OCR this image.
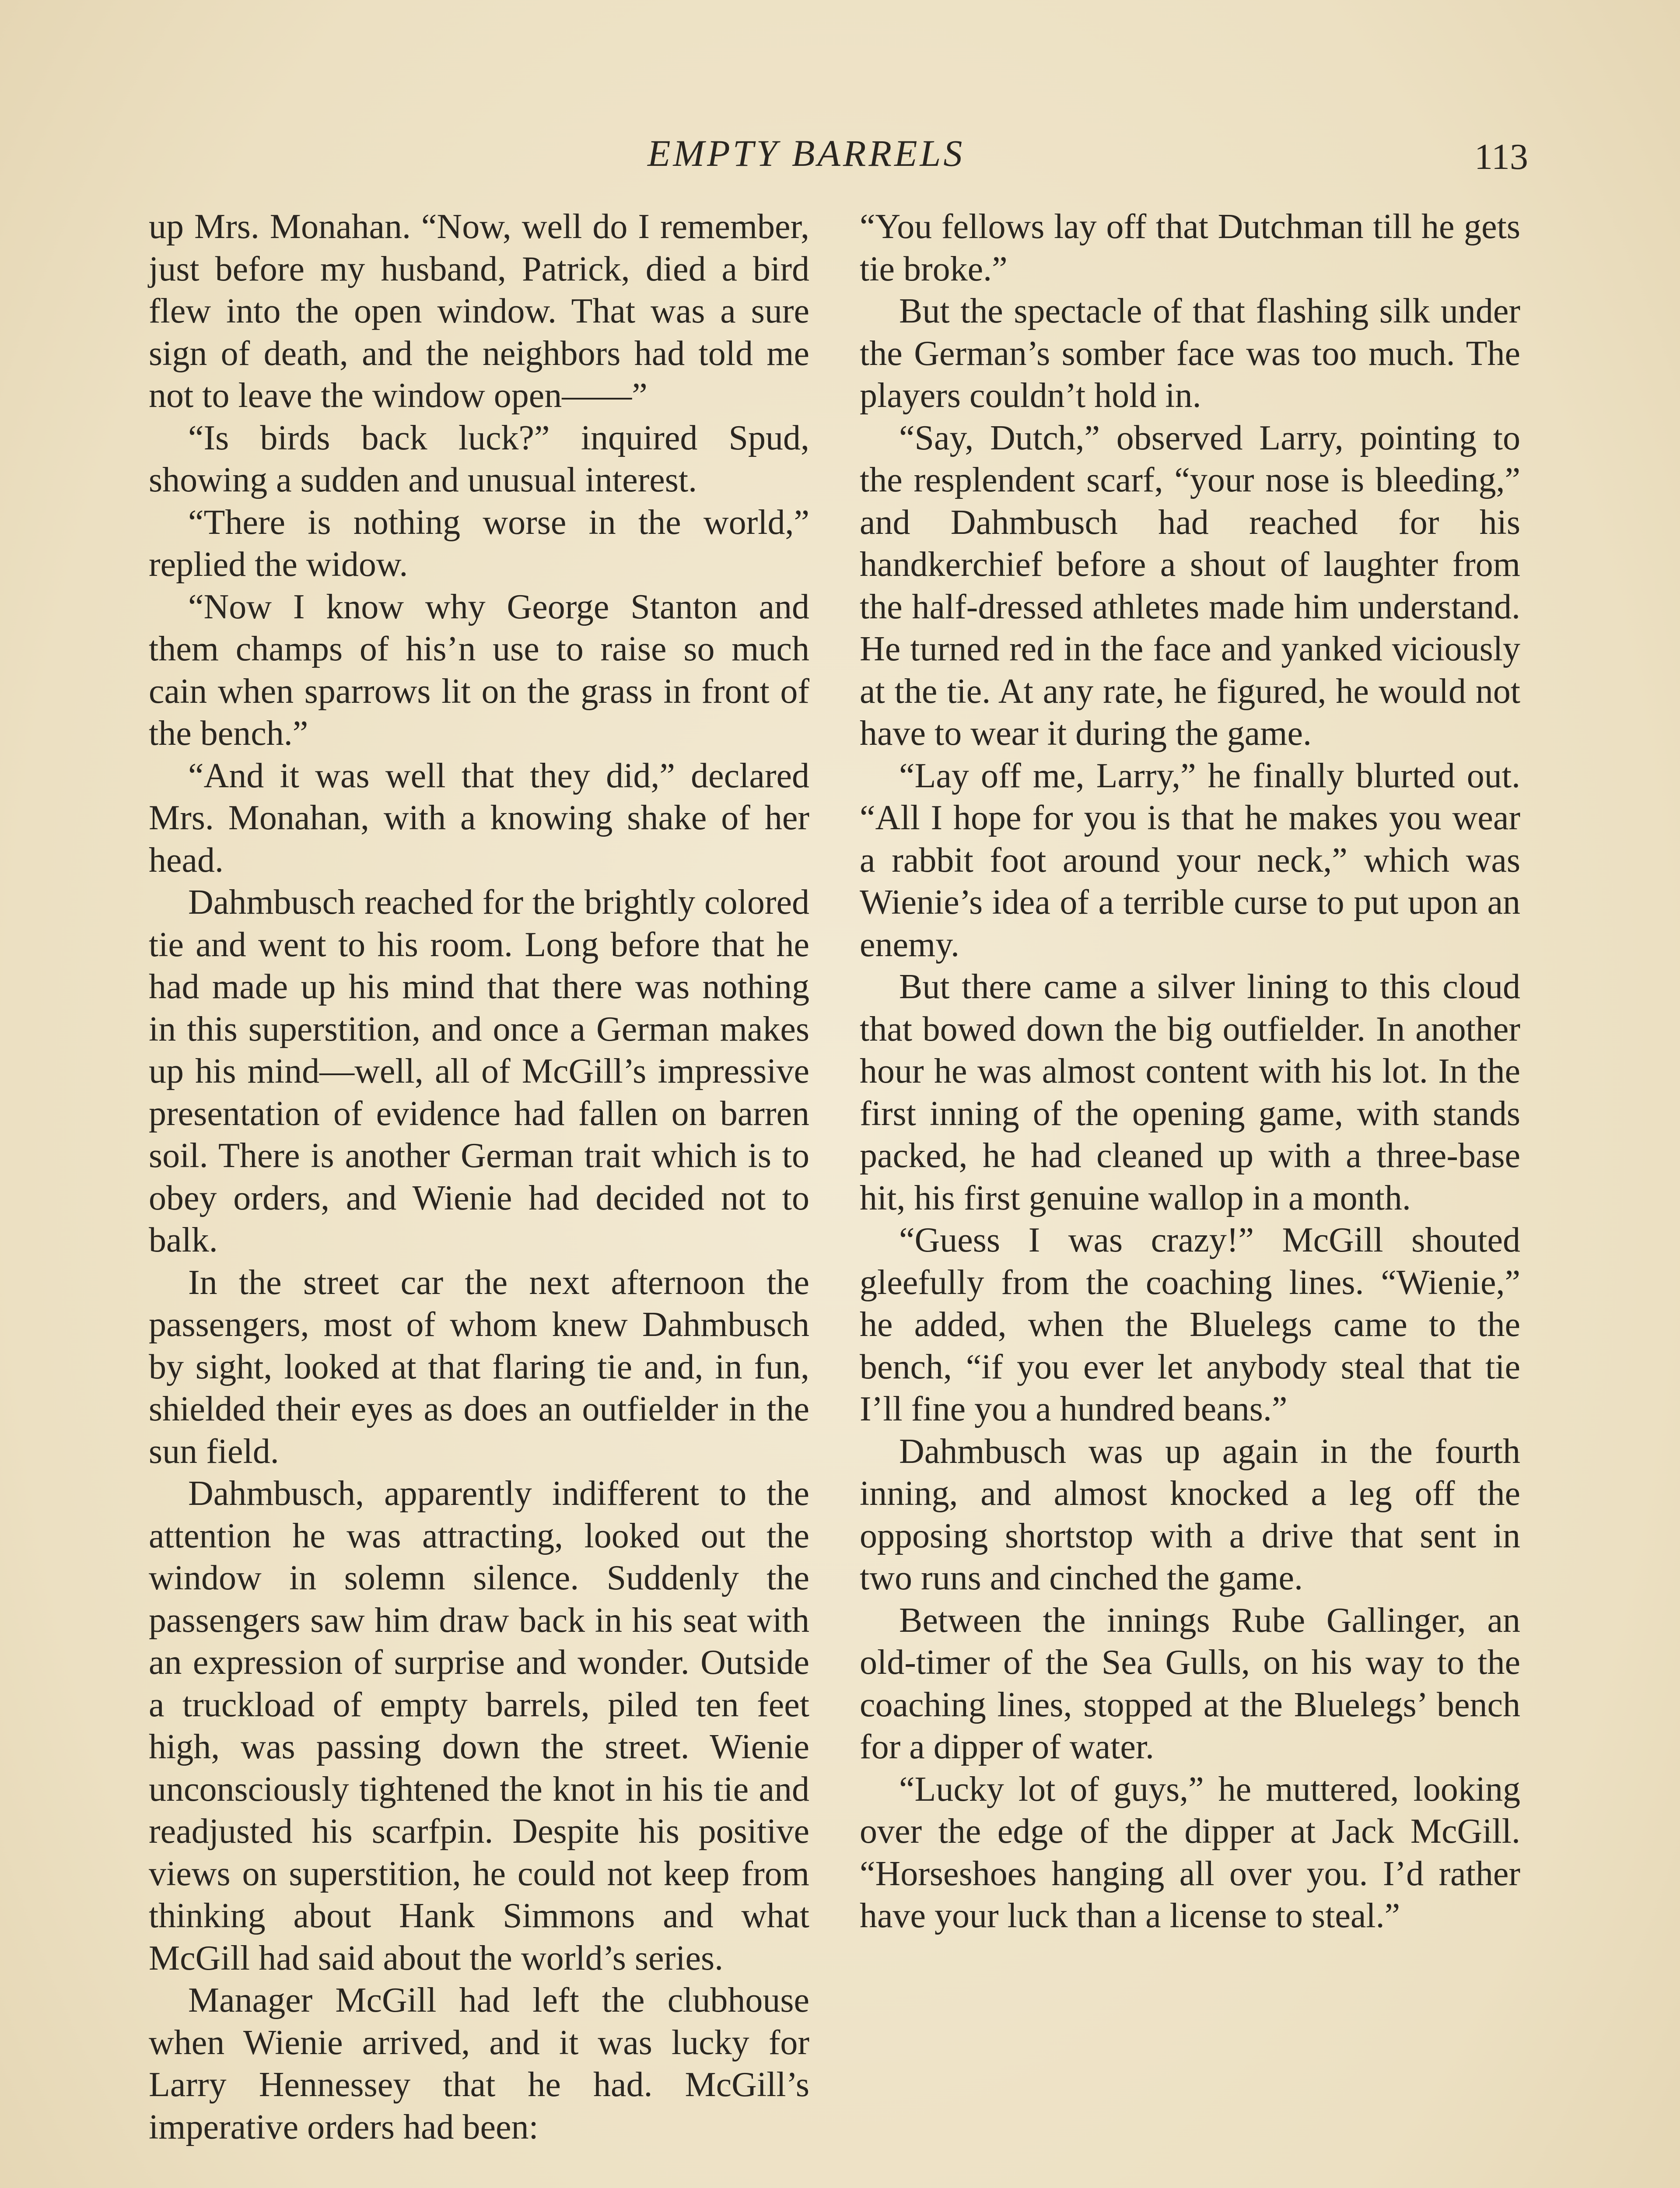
EMPTY BARRELS	113

up Mrs. Monahan. “Now, well do I remember, just before my husband, Patrick, died a bird flew into the open window. That was a sure sign of death, and the neighbors had told me not to leave the window open——”

“Is birds back luck?” inquired Spud, showing a sudden and unusual interest.

“There is nothing worse in the world,” replied the widow.

“Now I know why George Stanton and them champs of his’n use to raise so much cain when sparrows lit on the grass in front of the bench.”

“And it was well that they did,” declared Mrs. Monahan, with a knowing shake of her head.

Dahmbusch reached for the brightly colored tie and went to his room. Long before that he had made up his mind that there was nothing in this superstition, and once a German makes up his mind—well, all of McGill’s impressive presentation of evidence had fallen on barren soil. There is another German trait which is to obey orders, and Wienie had decided not to balk.

In the street car the next afternoon the passengers, most of whom knew Dahmbusch by sight, looked at that flaring tie and, in fun, shielded their eyes as does an outfielder in the sun field.

Dahmbusch, apparently indifferent to the attention he was attracting, looked out the window in solemn silence. Suddenly the passengers saw him draw back in his seat with an expression of surprise and wonder. Outside a truckload of empty barrels, piled ten feet high, was passing down the street. Wienie unconsciously tightened the knot in his tie and readjusted his scarfpin. Despite his positive views on superstition, he could not keep from thinking about Hank Simmons and what McGill had said about the world’s series.

Manager McGill had left the clubhouse when Wienie arrived, and it was lucky for Larry Hennessey that he had. McGill’s imperative orders had been:

“You fellows lay off that Dutchman till he gets tie broke.”

But the spectacle of that flashing silk under the German’s somber face was too much. The players couldn’t hold in.

“Say, Dutch,” observed Larry, pointing to the resplendent scarf, “your nose is bleeding,” and Dahmbusch had reached for his handkerchief before a shout of laughter from the half-dressed athletes made him understand. He turned red in the face and yanked viciously at the tie. At any rate, he figured, he would not have to wear it during the game.

“Lay off me, Larry,” he finally blurted out. “All I hope for you is that he makes you wear a rabbit foot around your neck,” which was Wienie’s idea of a terrible curse to put upon an enemy.

But there came a silver lining to this cloud that bowed down the big outfielder. In another hour he was almost content with his lot. In the first inning of the opening game, with stands packed, he had cleaned up with a three-base hit, his first genuine wallop in a month.

“Guess I was crazy!” McGill shouted gleefully from the coaching lines. “Wienie,” he added, when the Bluelegs came to the bench, “if you ever let anybody steal that tie I’ll fine you a hundred beans.”

Dahmbusch was up again in the fourth inning, and almost knocked a leg off the opposing shortstop with a drive that sent in two runs and cinched the game.

Between the innings Rube Gallinger, an old-timer of the Sea Gulls, on his way to the coaching lines, stopped at the Bluelegs’ bench for a dipper of water.

“Lucky lot of guys,” he muttered, looking over the edge of the dipper at Jack McGill. “Horseshoes hanging all over you. I’d rather have your luck than a license to steal.”
